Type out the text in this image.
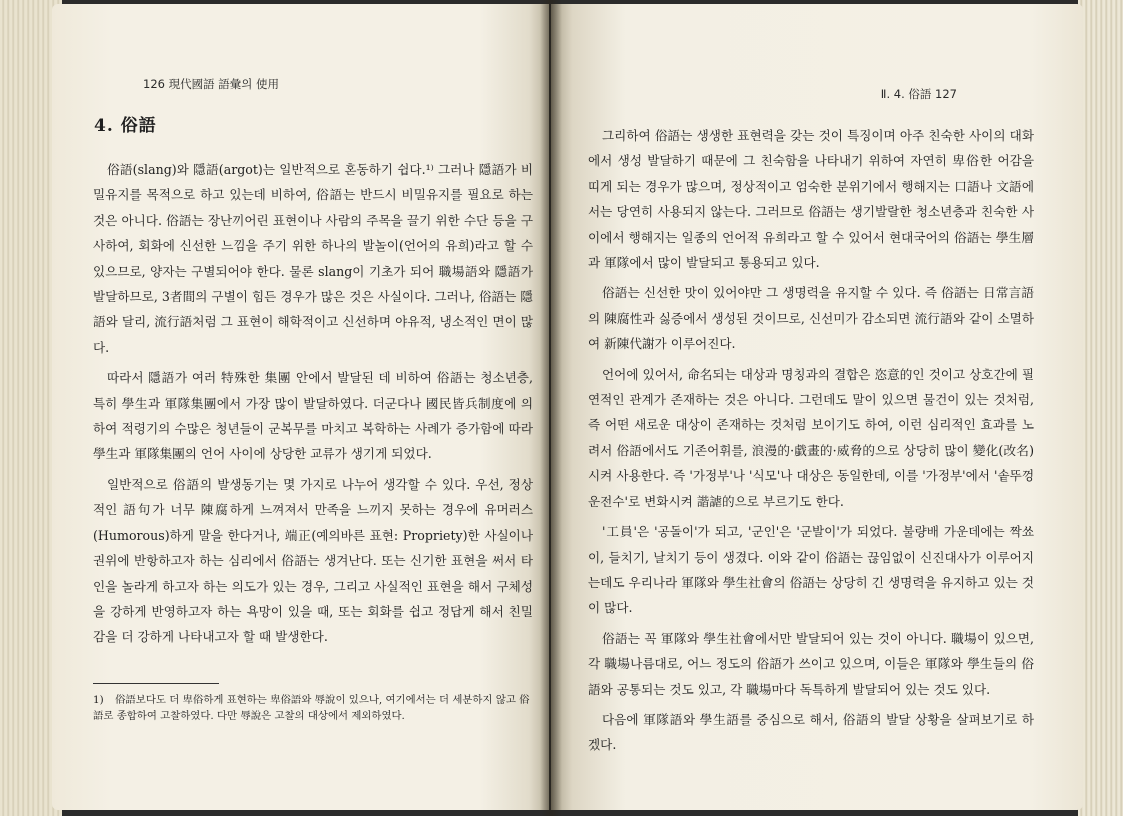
126 現代國語 語彙의 使用
4. 俗語

俗語(slang)와 隱語(argot)는 일반적으로 혼동하기 쉽다.¹⁾ 그러나 隱語가 비밀유지를 목적으로 하고 있는데 비하여, 俗語는 반드시 비밀유지를 필요로 하는 것은 아니다. 俗語는 장난끼어린 표현이나 사람의 주목을 끌기 위한 수단 등을 구사하여, 회화에 신선한 느낌을 주기 위한 하나의 발놀이(언어의 유희)라고 할 수 있으므로, 양자는 구별되어야 한다. 물론 slang이 기초가 되어 職場語와 隱語가 발달하므로, 3者間의 구별이 힘든 경우가 많은 것은 사실이다. 그러나, 俗語는 隱語와 달리, 流行語처럼 그 표현이 해학적이고 신선하며 야유적, 냉소적인 면이 많다.

따라서 隱語가 여러 特殊한 集團 안에서 발달된 데 비하여 俗語는 청소년층, 특히 學生과 軍隊集團에서 가장 많이 발달하였다. 더군다나 國民皆兵制度에 의하여 적령기의 수많은 청년들이 군복무를 마치고 복학하는 사례가 증가함에 따라 學生과 軍隊集團의 언어 사이에 상당한 교류가 생기게 되었다.

일반적으로 俗語의 발생동기는 몇 가지로 나누어 생각할 수 있다. 우선, 정상적인 語句가 너무 陳腐하게 느껴져서 만족을 느끼지 못하는 경우에 유머러스(Humorous)하게 말을 한다거나, 端正(예의바른 표현: Propriety)한 사실이나 권위에 반항하고자 하는 심리에서 俗語는 생겨난다. 또는 신기한 표현을 써서 타인을 놀라게 하고자 하는 의도가 있는 경우, 그리고 사실적인 표현을 해서 구체성을 강하게 반영하고자 하는 욕망이 있을 때, 또는 회화를 쉽고 정답게 해서 친밀감을 더 강하게 나타내고자 할 때 발생한다.

1) 俗語보다도 더 卑俗하게 표현하는 卑俗語와 辱說이 있으나, 여기에서는 더 세분하지 않고 俗語로 종합하여 고찰하였다. 다만 辱說은 고찰의 대상에서 제외하였다.
Ⅱ. 4. 俗語 127

그리하여 俗語는 생생한 표현력을 갖는 것이 특징이며 아주 친숙한 사이의 대화에서 생성 발달하기 때문에 그 친숙함을 나타내기 위하여 자연히 卑俗한 어감을 띠게 되는 경우가 많으며, 정상적이고 엄숙한 분위기에서 행해지는 口語나 文語에서는 당연히 사용되지 않는다. 그러므로 俗語는 생기발랄한 청소년층과 친숙한 사이에서 행해지는 일종의 언어적 유희라고 할 수 있어서 현대국어의 俗語는 學生層과 軍隊에서 많이 발달되고 통용되고 있다.

俗語는 신선한 맛이 있어야만 그 생명력을 유지할 수 있다. 즉 俗語는 日常言語의 陳腐性과 싫증에서 생성된 것이므로, 신선미가 감소되면 流行語와 같이 소멸하여 新陳代謝가 이루어진다.

언어에 있어서, 命名되는 대상과 명칭과의 결합은 恣意的인 것이고 상호간에 필연적인 관계가 존재하는 것은 아니다. 그런데도 말이 있으면 물건이 있는 것처럼, 즉 어떤 새로운 대상이 존재하는 것처럼 보이기도 하여, 이런 심리적인 효과를 노려서 俗語에서도 기존어휘를, 浪漫的·戱畫的·威脅的으로 상당히 많이 變化(改名)시켜 사용한다. 즉 '가정부'나 '식모'나 대상은 동일한데, 이를 '가정부'에서 '솥뚜껑 운전수'로 변화시켜 諧謔的으로 부르기도 한다.

'工員'은 '공돌이'가 되고, '군인'은 '군발이'가 되었다. 불량배 가운데에는 짝쑈이, 들치기, 날치기 등이 생겼다. 이와 같이 俗語는 끊임없이 신진대사가 이루어지는데도 우리나라 軍隊와 學生社會의 俗語는 상당히 긴 생명력을 유지하고 있는 것이 많다.

俗語는 꼭 軍隊와 學生社會에서만 발달되어 있는 것이 아니다. 職場이 있으면, 각 職場나름대로, 어느 정도의 俗語가 쓰이고 있으며, 이들은 軍隊와 學生들의 俗語와 공통되는 것도 있고, 각 職場마다 독특하게 발달되어 있는 것도 있다.

다음에 軍隊語와 學生語를 중심으로 해서, 俗語의 발달 상황을 살펴보기로 하겠다.
